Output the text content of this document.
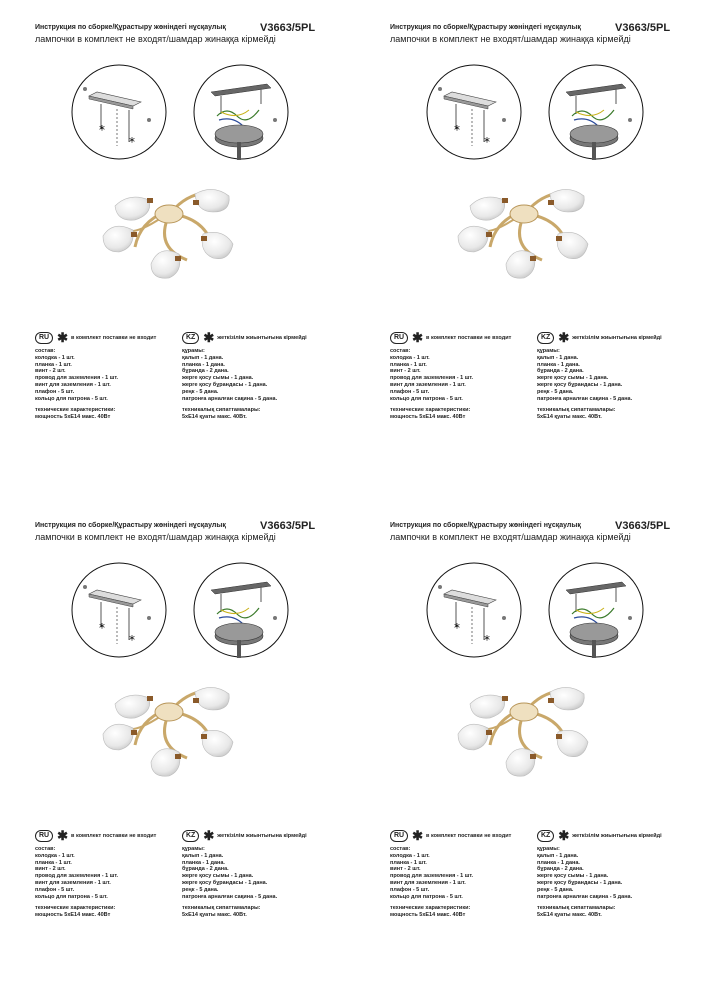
Инструкция по сборке/Құрастыру жөніндегі нұсқаулық	V3663/5PL
лампочки в комплект не входят/шамдар жинаққа кірмейді
*
*
RU ✱ в комплект поставки не входит	KZ ✱ жеткізілім жиынтығына кірмейді
состав:
колодка - 1 шт.
планка - 1 шт.
винт - 2 шт.
провод для заземления - 1 шт.
винт для заземления - 1 шт.
плафон - 5 шт.
кольцо для патрона - 5 шт.
технические характеристики:
мощность 5хЕ14 макс. 40Вт
құрамы:
қалып - 1 дана.
планка - 1 дана.
бұранда - 2 дана.
жерге қосу сымы - 1 дана.
жерге қосу бұрандасы - 1 дана.
реңк - 5 дана.
патронға арналған сақина - 5 дана.
техникалық сипаттамалары:
5хЕ14 қуаты макс. 40Вт.
Инструкция по сборке/Құрастыру жөніндегі нұсқаулық	V3663/5PL
лампочки в комплект не входят/шамдар жинаққа кірмейді
*
*
RU ✱ в комплект поставки не входит	KZ ✱ жеткізілім жиынтығына кірмейді
состав:
колодка - 1 шт.
планка - 1 шт.
винт - 2 шт.
провод для заземления - 1 шт.
винт для заземления - 1 шт.
плафон - 5 шт.
кольцо для патрона - 5 шт.
технические характеристики:
мощность 5хЕ14 макс. 40Вт
құрамы:
қалып - 1 дана.
планка - 1 дана.
бұранда - 2 дана.
жерге қосу сымы - 1 дана.
жерге қосу бұрандасы - 1 дана.
реңк - 5 дана.
патронға арналған сақина - 5 дана.
техникалық сипаттамалары:
5хЕ14 қуаты макс. 40Вт.
Инструкция по сборке/Құрастыру жөніндегі нұсқаулық	V3663/5PL
лампочки в комплект не входят/шамдар жинаққа кірмейді
*
*
RU ✱ в комплект поставки не входит	KZ ✱ жеткізілім жиынтығына кірмейді
состав:
колодка - 1 шт.
планка - 1 шт.
винт - 2 шт.
провод для заземления - 1 шт.
винт для заземления - 1 шт.
плафон - 5 шт.
кольцо для патрона - 5 шт.
технические характеристики:
мощность 5хЕ14 макс. 40Вт
құрамы:
қалып - 1 дана.
планка - 1 дана.
бұранда - 2 дана.
жерге қосу сымы - 1 дана.
жерге қосу бұрандасы - 1 дана.
реңк - 5 дана.
патронға арналған сақина - 5 дана.
техникалық сипаттамалары:
5хЕ14 қуаты макс. 40Вт.
Инструкция по сборке/Құрастыру жөніндегі нұсқаулық	V3663/5PL
лампочки в комплект не входят/шамдар жинаққа кірмейді
*
*
RU ✱ в комплект поставки не входит	KZ ✱ жеткізілім жиынтығына кірмейді
состав:
колодка - 1 шт.
планка - 1 шт.
винт - 2 шт.
провод для заземления - 1 шт.
винт для заземления - 1 шт.
плафон - 5 шт.
кольцо для патрона - 5 шт.
технические характеристики:
мощность 5хЕ14 макс. 40Вт
құрамы:
қалып - 1 дана.
планка - 1 дана.
бұранда - 2 дана.
жерге қосу сымы - 1 дана.
жерге қосу бұрандасы - 1 дана.
реңк - 5 дана.
патронға арналған сақина - 5 дана.
техникалық сипаттамалары:
5хЕ14 қуаты макс. 40Вт.
